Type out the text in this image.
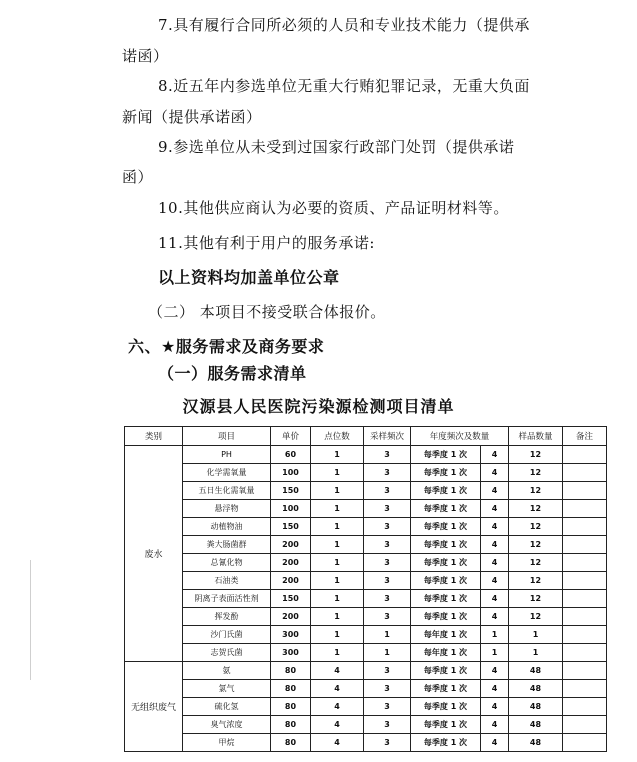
7.具有履行合同所必须的人员和专业技术能力（提供承
诺函）
8.近五年内参选单位无重大行贿犯罪记录，无重大负面
新闻（提供承诺函）
9.参选单位从未受到过国家行政部门处罚（提供承诺
函）
10.其他供应商认为必要的资质、产品证明材料等。
11.其他有利于用户的服务承诺:
以上资料均加盖单位公章
（二） 本项目不接受联合体报价。
六、★服务需求及商务要求
（一）服务需求清单
汉源县人民医院污染源检测项目清单
类别	项目	单价	点位数	采样频次	年度频次及数量		样品数量	备注
废水	PH	60	1	3	每季度 1 次	4	12	
	化学需氧量	100	1	3	每季度 1 次	4	12	
	五日生化需氧量	150	1	3	每季度 1 次	4	12	
	悬浮物	100	1	3	每季度 1 次	4	12	
	动植物油	150	1	3	每季度 1 次	4	12	
	粪大肠菌群	200	1	3	每季度 1 次	4	12	
	总氰化物	200	1	3	每季度 1 次	4	12	
	石油类	200	1	3	每季度 1 次	4	12	
	阴离子表面活性剂	150	1	3	每季度 1 次	4	12	
	挥发酚	200	1	3	每季度 1 次	4	12	
	沙门氏菌	300	1	1	每年度 1 次	1	1	
	志贺氏菌	300	1	1	每年度 1 次	1	1	
无组织废气	氨	80	4	3	每季度 1 次	4	48	
	氯气	80	4	3	每季度 1 次	4	48	
	硫化氢	80	4	3	每季度 1 次	4	48	
	臭气浓度	80	4	3	每季度 1 次	4	48	
	甲烷	80	4	3	每季度 1 次	4	48	
